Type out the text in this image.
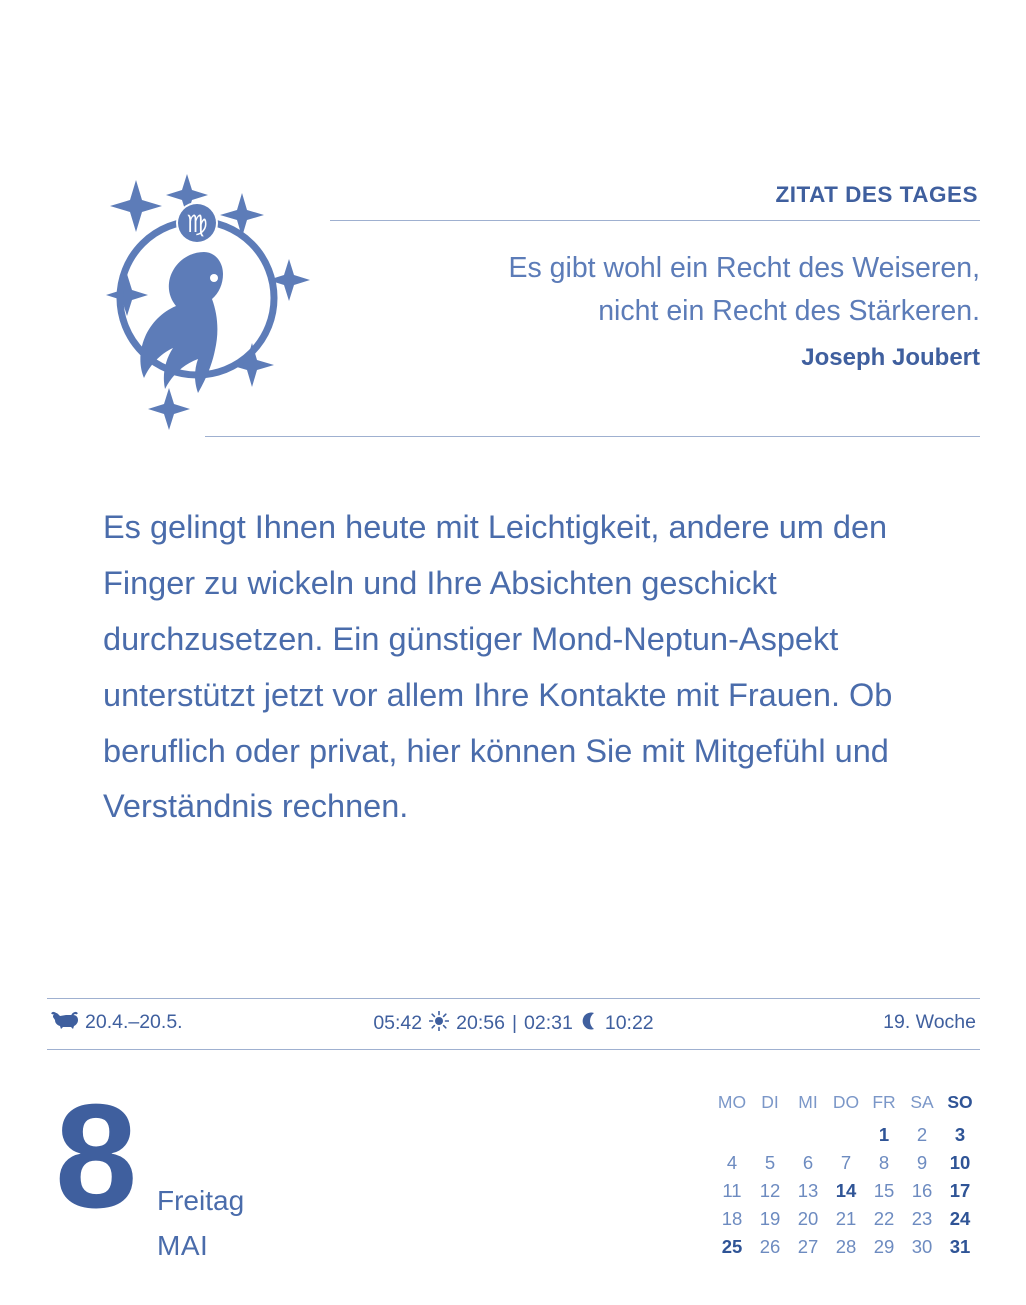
♍
ZITAT DES TAGES
Es gibt wohl ein Recht des Weiseren,
nicht ein Recht des Stärkeren.
Joseph Joubert
Es gelingt Ihnen heute mit Leichtigkeit, andere um den Finger zu wickeln und Ihre Absichten geschickt durchzusetzen. Ein günstiger Mond-Neptun-Aspekt unterstützt jetzt vor allem Ihre Kontakte mit Frauen. Ob beruflich oder privat, hier können Sie mit Mitgefühl und Verständnis rechnen.
20.4.–20.5.	05:42 20:56 | 02:31 10:22	19. Woche
8 Freitag
MAI
MO	DI	MI	DO	FR	SA	SO
				1	2	3
4	5	6	7	8	9	10
11	12	13	14	15	16	17
18	19	20	21	22	23	24
25	26	27	28	29	30	31
